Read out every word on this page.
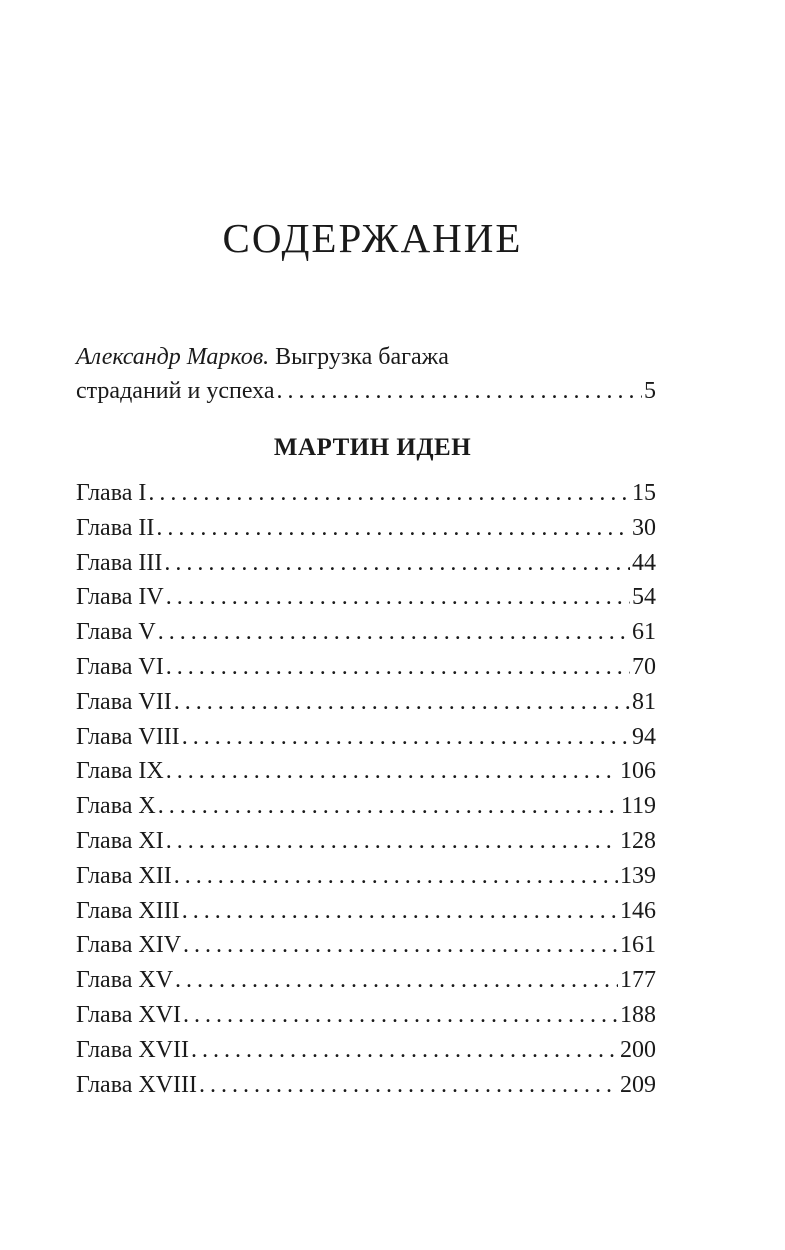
СОДЕРЖАНИЕ
Александр Марков. Выгрузка багажа
страданий и успеха . . .	5
МАРТИН ИДЕН
Глава I . . .	15
Глава II . . .	30
Глава III . . .	44
Глава IV . . .	54
Глава V . . .	61
Глава VI . . .	70
Глава VII . . .	81
Глава VIII . . .	94
Глава IX . . .	106
Глава X . . .	119
Глава XI . . .	128
Глава XII . . .	139
Глава XIII . . .	146
Глава XIV . . .	161
Глава XV . . .	177
Глава XVI . . .	188
Глава XVII . . .	200
Глава XVIII . . .	209
